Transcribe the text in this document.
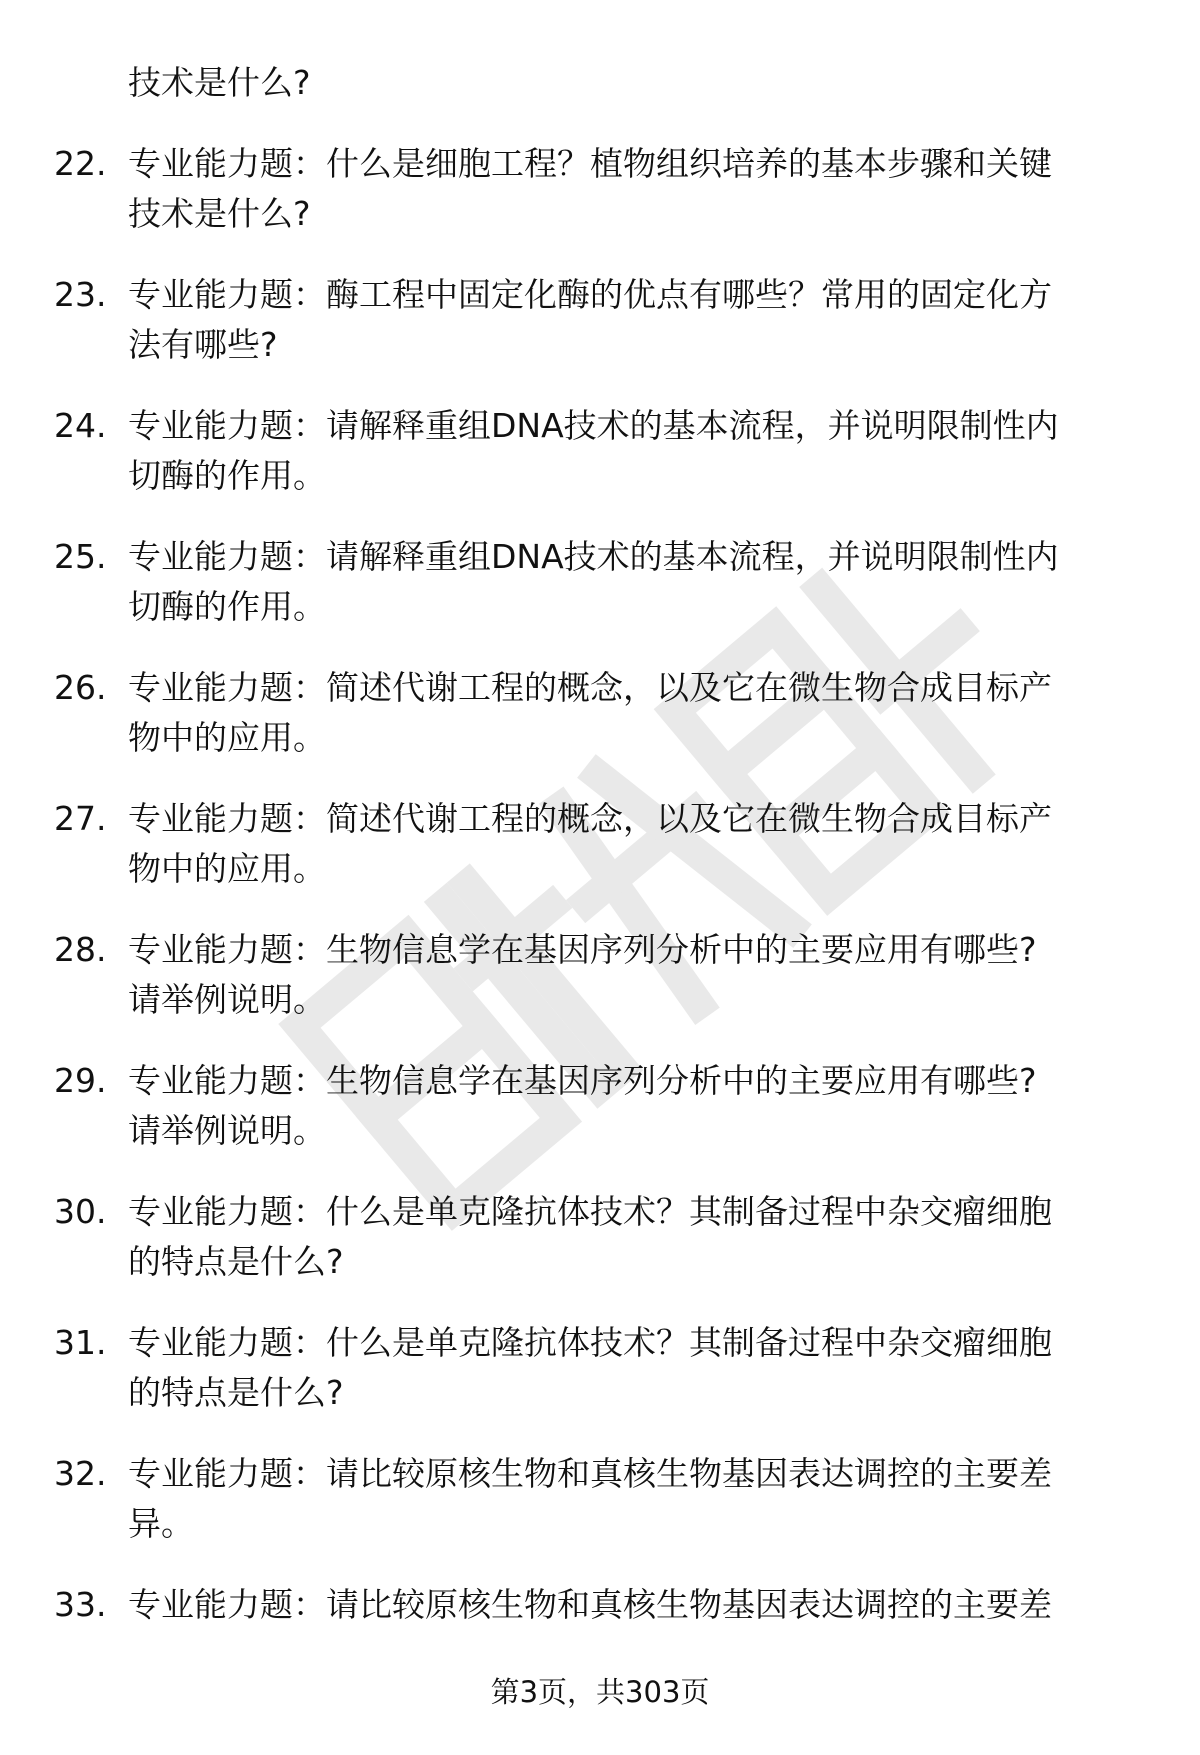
技术是什么?
22. 专业能力题：什么是细胞工程？植物组织培养的基本步骤和关键
技术是什么?
23. 专业能力题：酶工程中固定化酶的优点有哪些？常用的固定化方
法有哪些?
24. 专业能力题：请解释重组DNA技术的基本流程，并说明限制性内
切酶的作用。
25. 专业能力题：请解释重组DNA技术的基本流程，并说明限制性内
切酶的作用。
26. 专业能力题：简述代谢工程的概念，以及它在微生物合成目标产
物中的应用。
27. 专业能力题：简述代谢工程的概念，以及它在微生物合成目标产
物中的应用。
28. 专业能力题：生物信息学在基因序列分析中的主要应用有哪些?
请举例说明。
29. 专业能力题：生物信息学在基因序列分析中的主要应用有哪些?
请举例说明。
30. 专业能力题：什么是单克隆抗体技术？其制备过程中杂交瘤细胞
的特点是什么?
31. 专业能力题：什么是单克隆抗体技术？其制备过程中杂交瘤细胞
的特点是什么?
32. 专业能力题：请比较原核生物和真核生物基因表达调控的主要差
异。
33. 专业能力题：请比较原核生物和真核生物基因表达调控的主要差
第3页，共303页
